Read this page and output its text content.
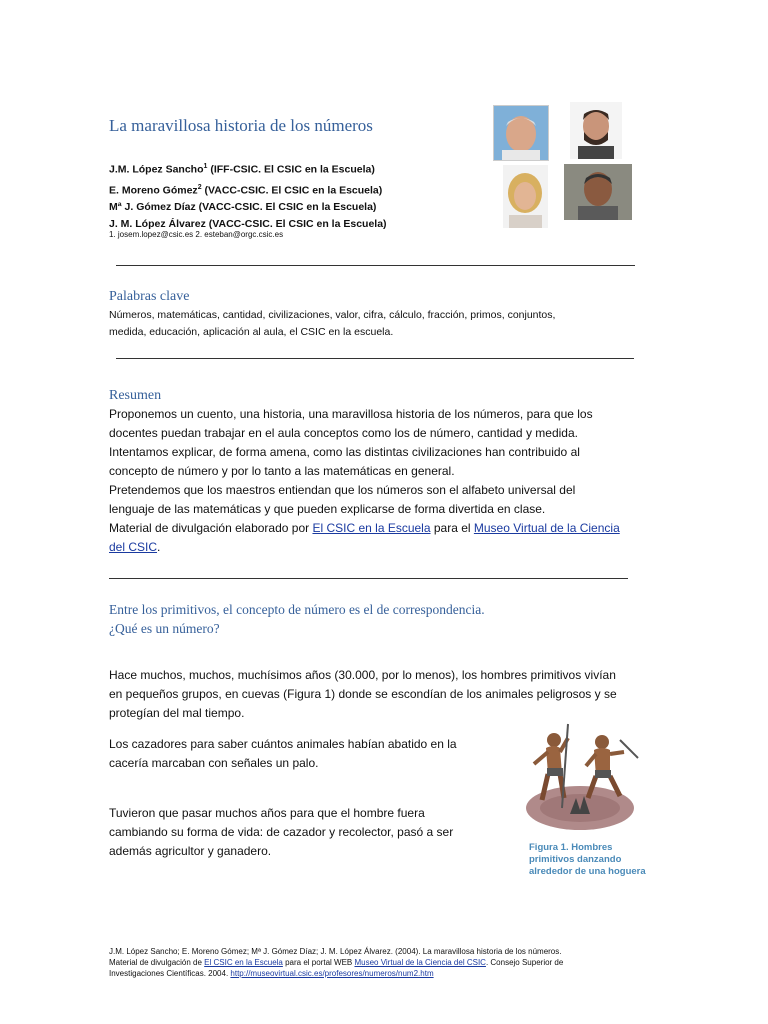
La maravillosa historia de los números
J.M. López Sancho$^1$ (IFF-CSIC. El CSIC en la Escuela)
E. Moreno Gómez$^2$ (VACC-CSIC. El CSIC en la Escuela)
Mª J. Gómez Díaz (VACC-CSIC. El CSIC en la Escuela)
J. M. López Álvarez (VACC-CSIC. El CSIC en la Escuela)
1. josem.lopez@csic.es 2. esteban@orgc.csic.es
Palabras clave
Números, matemáticas, cantidad, civilizaciones, valor, cifra, cálculo, fracción, primos, conjuntos,
medida, educación, aplicación al aula, el CSIC en la escuela.
Resumen
Proponemos un cuento, una historia, una maravillosa historia de los números, para que los
docentes puedan trabajar en el aula conceptos como los de número, cantidad y medida.
Intentamos explicar, de forma amena, como las distintas civilizaciones han contribuido al
concepto de número y por lo tanto a las matemáticas en general.
Pretendemos que los maestros entiendan que los números son el alfabeto universal del
lenguaje de las matemáticas y que pueden explicarse de forma divertida en clase.
Material de divulgación elaborado por El CSIC en la Escuela para el Museo Virtual de la Ciencia
del CSIC.
Entre los primitivos, el concepto de número es el de correspondencia.
¿Qué es un número?
Hace muchos, muchos, muchísimos años (30.000, por lo menos), los hombres primitivos vivían
en pequeños grupos, en cuevas (Figura 1) donde se escondían de los animales peligrosos y se
protegían del mal tiempo.
Los cazadores para saber cuántos animales habían abatido en la
cacería marcaban con señales un palo.
Tuvieron que pasar muchos años para que el hombre fuera
cambiando su forma de vida: de cazador y recolector, pasó a ser
además agricultor y ganadero.	Figura 1. Hombres
primitivos danzando
alrededor de una hoguera
J.M. López Sancho; E. Moreno Gómez; Mª J. Gómez Díaz; J. M. López Álvarez. (2004). La maravillosa historia de los números.
Material de divulgación de El CSIC en la Escuela para el portal WEB Museo Virtual de la Ciencia del CSIC. Consejo Superior de
Investigaciones Científicas. 2004. http://museovirtual.csic.es/profesores/numeros/num2.htm
